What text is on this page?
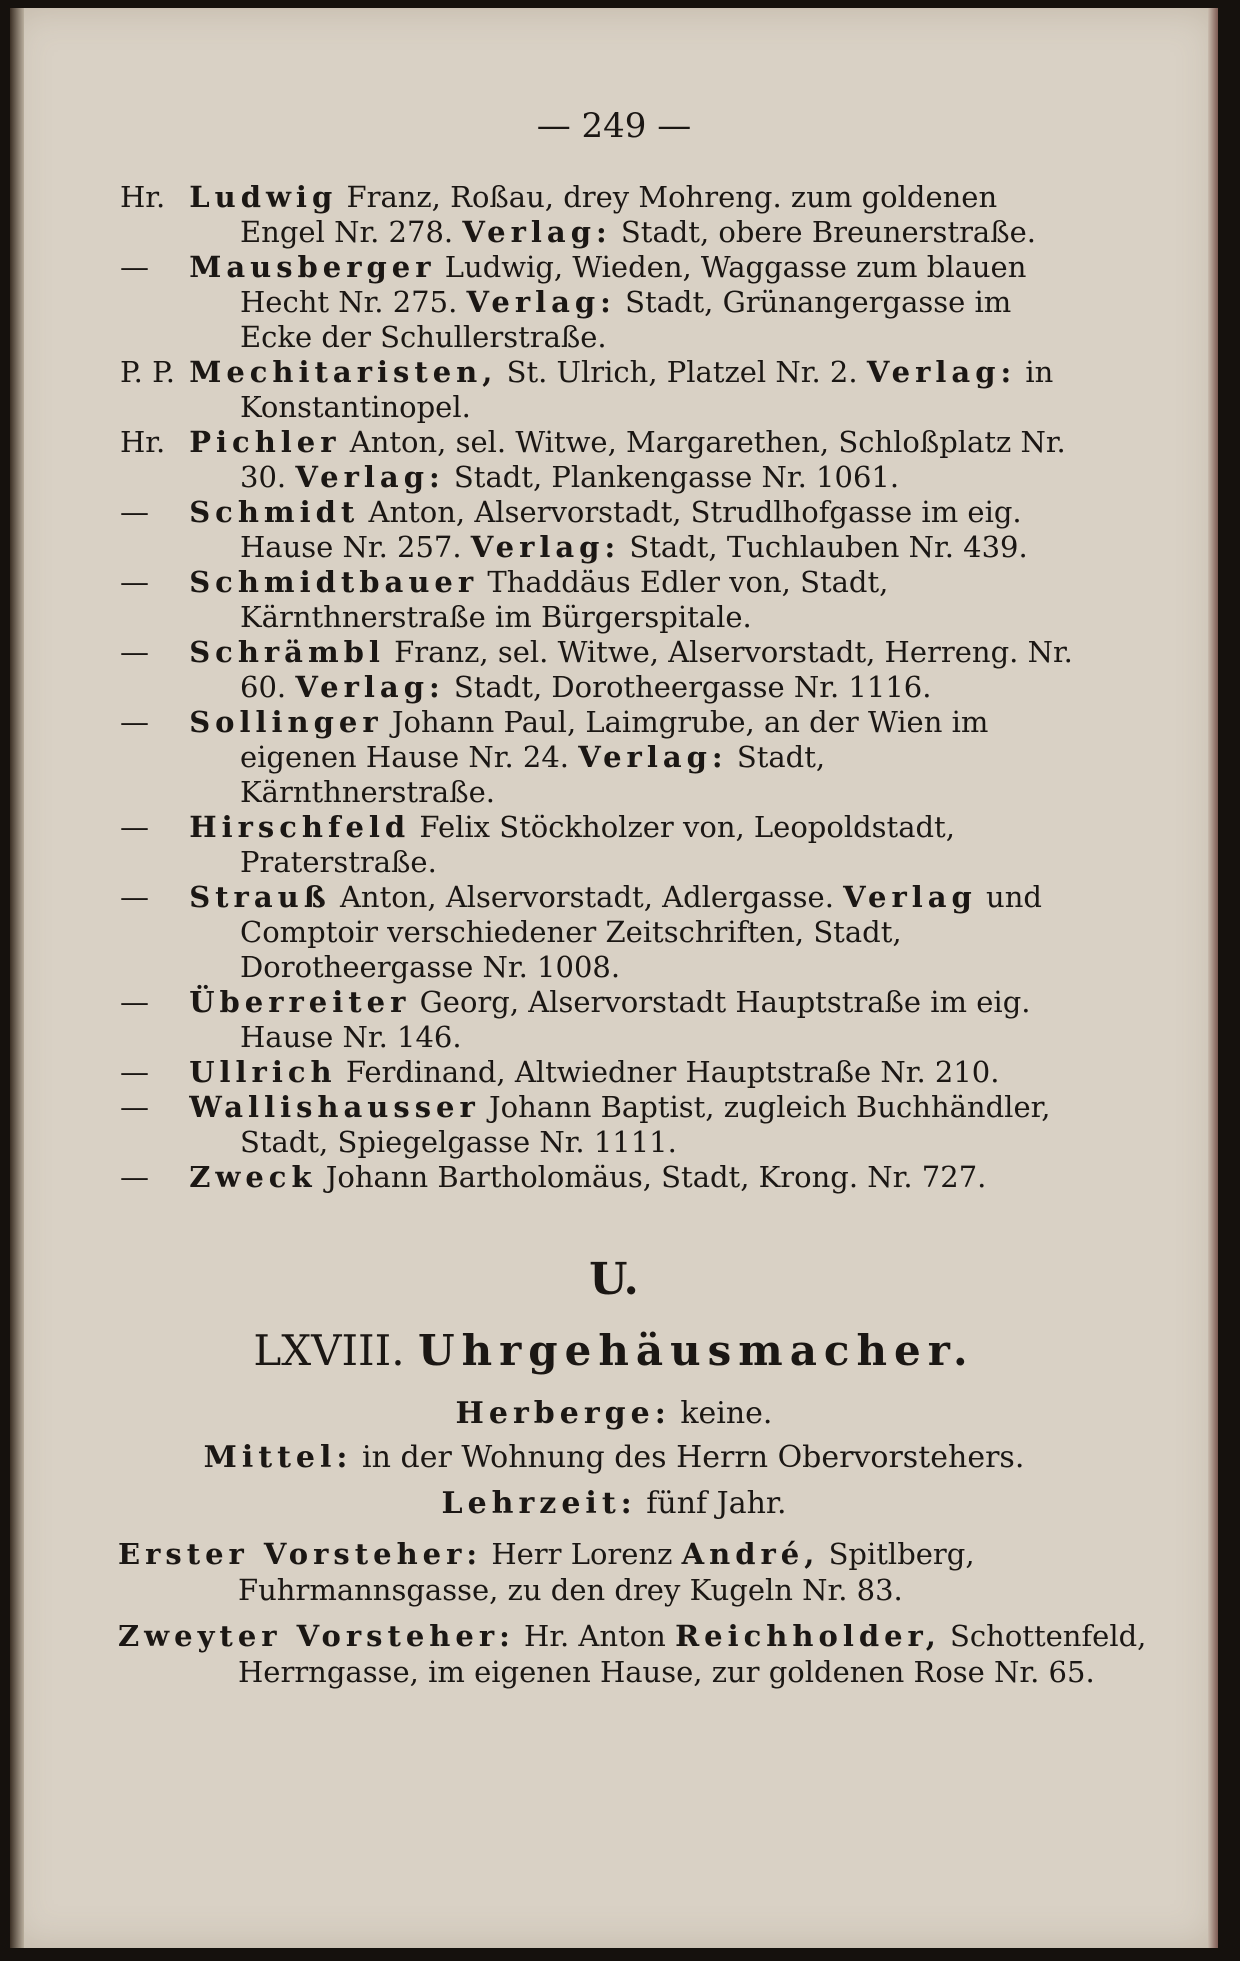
— 249 —

Hr. Ludwig Franz, Roßau, drey Mohreng. zum goldenen Engel Nr. 278. Verlag: Stadt, obere Breunerstraße.

— Mausberger Ludwig, Wieden, Waggasse zum blauen Hecht Nr. 275. Verlag: Stadt, Grünangergasse im Ecke der Schullerstraße.

P. P. Mechitaristen, St. Ulrich, Platzel Nr. 2. Verlag: in Konstantinopel.

Hr. Pichler Anton, sel. Witwe, Margarethen, Schloßplatz Nr. 30. Verlag: Stadt, Plankengasse Nr. 1061.

— Schmidt Anton, Alservorstadt, Strudlhofgasse im eig. Hause Nr. 257. Verlag: Stadt, Tuchlauben Nr. 439.

— Schmidtbauer Thaddäus Edler von, Stadt, Kärnthnerstraße im Bürgerspitale.

— Schrämbl Franz, sel. Witwe, Alservorstadt, Herreng. Nr. 60. Verlag: Stadt, Dorotheergasse Nr. 1116.

— Sollinger Johann Paul, Laimgrube, an der Wien im eigenen Hause Nr. 24. Verlag: Stadt, Kärnthnerstraße.

— Hirschfeld Felix Stöckholzer von, Leopoldstadt, Praterstraße.

— Strauß Anton, Alservorstadt, Adlergasse. Verlag und Comptoir verschiedener Zeitschriften, Stadt, Dorotheergasse Nr. 1008.

— Überreiter Georg, Alservorstadt Hauptstraße im eig. Hause Nr. 146.

— Ullrich Ferdinand, Altwiedner Hauptstraße Nr. 210.

— Wallishausser Johann Baptist, zugleich Buchhändler, Stadt, Spiegelgasse Nr. 1111.

— Zweck Johann Bartholomäus, Stadt, Krong. Nr. 727.

U.
LXVIII. Uhrgehäusmacher.
Herberge: keine.
Mittel: in der Wohnung des Herrn Obervorstehers.
Lehrzeit: fünf Jahr.

Erster Vorsteher: Herr Lorenz André, Spitlberg, Fuhrmannsgasse, zu den drey Kugeln Nr. 83.

Zweyter Vorsteher: Hr. Anton Reichholder, Schottenfeld, Herrngasse, im eigenen Hause, zur goldenen Rose Nr. 65.
